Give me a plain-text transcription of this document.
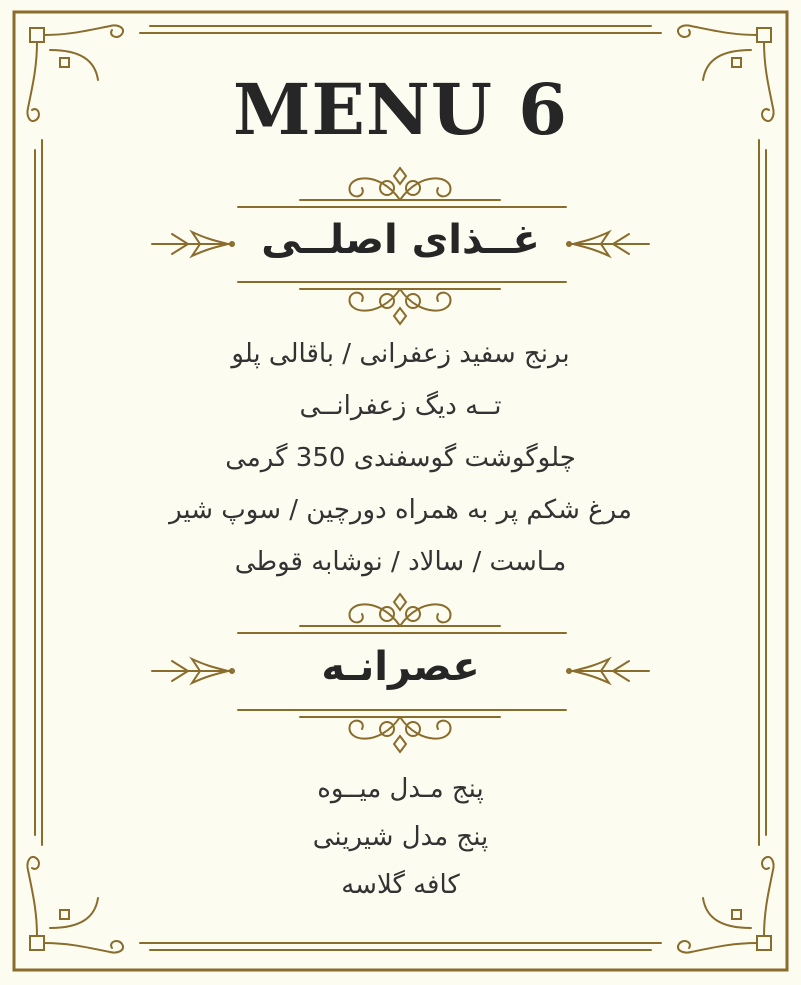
MENU 6
غــذای اصلــی
برنج سفید زعفرانی / باقالی پلو
تــه دیگ زعفرانــی
چلوگوشت گوسفندی 350 گرمی
مرغ شکم پر به همراه دورچین / سوپ شیر
مـاست / سالاد / نوشابه قوطی
عصرانـه
پنج مـدل میــوه
پنج مدل شیرینی
کافه گلاسه
